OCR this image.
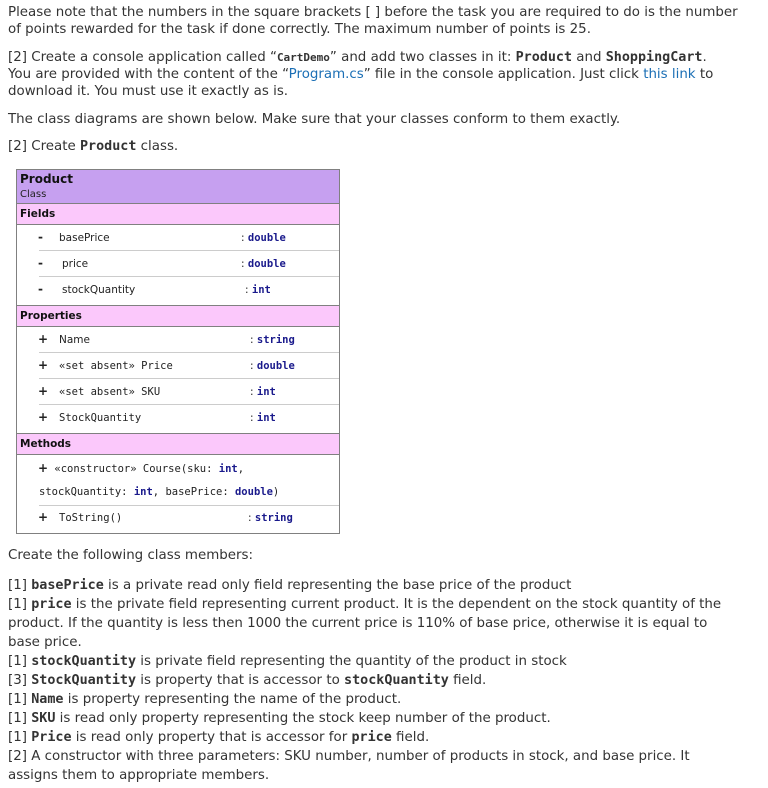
Please note that the numbers in the square brackets [ ] before the task you are required to do is the number
of points rewarded for the task if done correctly. The maximum number of points is 25.
[2] Create a console application called “CartDemo” and add two classes in it: Product and ShoppingCart.
You are provided with the content of the “Program.cs” file in the console application. Just click this link to
download it. You must use it exactly as is.
The class diagrams are shown below. Make sure that your classes conform to them exactly.
[2] Create Product class.
Product
Class
Fields
- basePrice	: double
- price	: double
- stockQuantity	: int
Properties
+ Name	: string
+ «set absent» Price	: double
+ «set absent» SKU	: int
+ StockQuantity	: int
Methods
+ «constructor» Course(sku: int,
stockQuantity: int, basePrice: double)
+ ToString()	: string
Create the following class members:
[1] basePrice is a private read only field representing the base price of the product
[1] price is the private field representing current product. It is the dependent on the stock quantity of the
product. If the quantity is less then 1000 the current price is 110% of base price, otherwise it is equal to
base price.
[1] stockQuantity is private field representing the quantity of the product in stock
[3] StockQuantity is property that is accessor to stockQuantity field.
[1] Name is property representing the name of the product.
[1] SKU is read only property representing the stock keep number of the product.
[1] Price is read only property that is accessor for price field.
[2] A constructor with three parameters: SKU number, number of products in stock, and base price. It
assigns them to appropriate members.
